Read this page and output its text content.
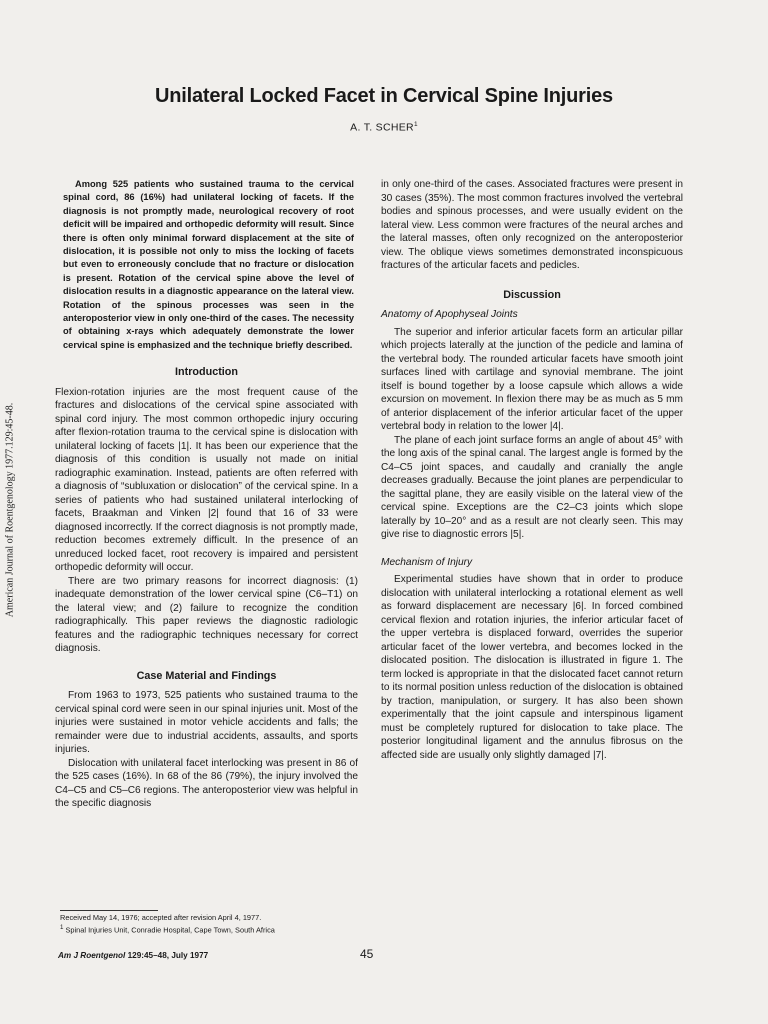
American Journal of Roentgenology 1977.129:45-48.
Unilateral Locked Facet in Cervical Spine Injuries
A. T. SCHER$^1$

Among 525 patients who sustained trauma to the cervical spinal cord, 86 (16%) had unilateral locking of facets. If the diagnosis is not promptly made, neurological recovery of root deficit will be impaired and orthopedic deformity will result. Since there is often only minimal forward displacement at the site of dislocation, it is possible not only to miss the locking of facets but even to erroneously conclude that no fracture or dislocation is present. Rotation of the cervical spine above the level of dislocation results in a diagnostic appearance on the lateral view. Rotation of the spinous processes was seen in the anteroposterior view in only one-third of the cases. The necessity of obtaining x-rays which adequately demonstrate the lower cervical spine is emphasized and the technique briefly described.

Introduction

Flexion-rotation injuries are the most frequent cause of the fractures and dislocations of the cervical spine associated with spinal cord injury. The most common orthopedic injury occuring after flexion-rotation trauma to the cervical spine is dislocation with unilateral locking of facets |1|. It has been our experience that the diagnosis of this condition is usually not made on initial radiographic examination. Instead, patients are often referred with a diagnosis of “subluxation or dislocation” of the cervical spine. In a series of patients who had sustained unilateral interlocking of facets, Braakman and Vinken |2| found that 16 of 33 were diagnosed incorrectly. If the correct diagnosis is not promptly made, reduction becomes extremely difficult. In the presence of an unreduced locked facet, root recovery is impaired and persistent orthopedic deformity will occur.

There are two primary reasons for incorrect diagnosis: (1) inadequate demonstration of the lower cervical spine (C6–T1) on the lateral view; and (2) failure to recognize the condition radiographically. This paper reviews the diagnostic radiologic features and the radiographic techniques necessary for correct diagnosis.

Case Material and Findings

From 1963 to 1973, 525 patients who sustained trauma to the cervical spinal cord were seen in our spinal injuries unit. Most of the injuries were sustained in motor vehicle accidents and falls; the remainder were due to industrial accidents, assaults, and sports injuries.

Dislocation with unilateral facet interlocking was present in 86 of the 525 cases (16%). In 68 of the 86 (79%), the injury involved the C4–C5 and C5–C6 regions. The anteroposterior view was helpful in the specific diagnosis

in only one-third of the cases. Associated fractures were present in 30 cases (35%). The most common fractures involved the vertebral bodies and spinous processes, and were usually evident on the lateral view. Less common were fractures of the neural arches and the lateral masses, often only recognized on the anteroposterior view. The oblique views sometimes demonstrated inconspicuous fractures of the articular facets and pedicles.

Discussion
Anatomy of Apophyseal Joints

The superior and inferior articular facets form an articular pillar which projects laterally at the junction of the pedicle and lamina of the vertebral body. The rounded articular facets have smooth joint surfaces lined with cartilage and synovial membrane. The joint itself is bound together by a loose capsule which allows a wide excursion on movement. In flexion there may be as much as 5 mm of anterior displacement of the inferior articular facet of the upper vertebral body in relation to the lower |4|.

The plane of each joint surface forms an angle of about 45° with the long axis of the spinal canal. The largest angle is formed by the C4–C5 joint spaces, and caudally and cranially the angle decreases gradually. Because the joint planes are perpendicular to the sagittal plane, they are easily visible on the lateral view of the cervical spine. Exceptions are the C2–C3 joints which slope laterally by 10–20° and as a result are not clearly seen. This may give rise to diagnostic errors |5|.

Mechanism of Injury

Experimental studies have shown that in order to produce dislocation with unilateral interlocking a rotational element as well as forward displacement are necessary |6|. In forced combined cervical flexion and rotation injuries, the inferior articular facet of the upper vertebra is displaced forward, overrides the superior articular facet of the lower vertebra, and becomes locked in the dislocated position. The dislocation is illustrated in figure 1. The term locked is appropriate in that the dislocated facet cannot return to its normal position unless reduction of the dislocation is obtained by traction, manipulation, or surgery. It has also been shown experimentally that the joint capsule and interspinous ligament must be completely ruptured for dislocation to take place. The posterior longitudinal ligament and the annulus fibrosus on the affected side are usually only slightly damaged |7|.

Received May 14, 1976; accepted after revision April 4, 1977.
$^1$ Spinal Injuries Unit, Conradie Hospital, Cape Town, South Africa
Am J Roentgenol 129:45–48, July 1977	45
